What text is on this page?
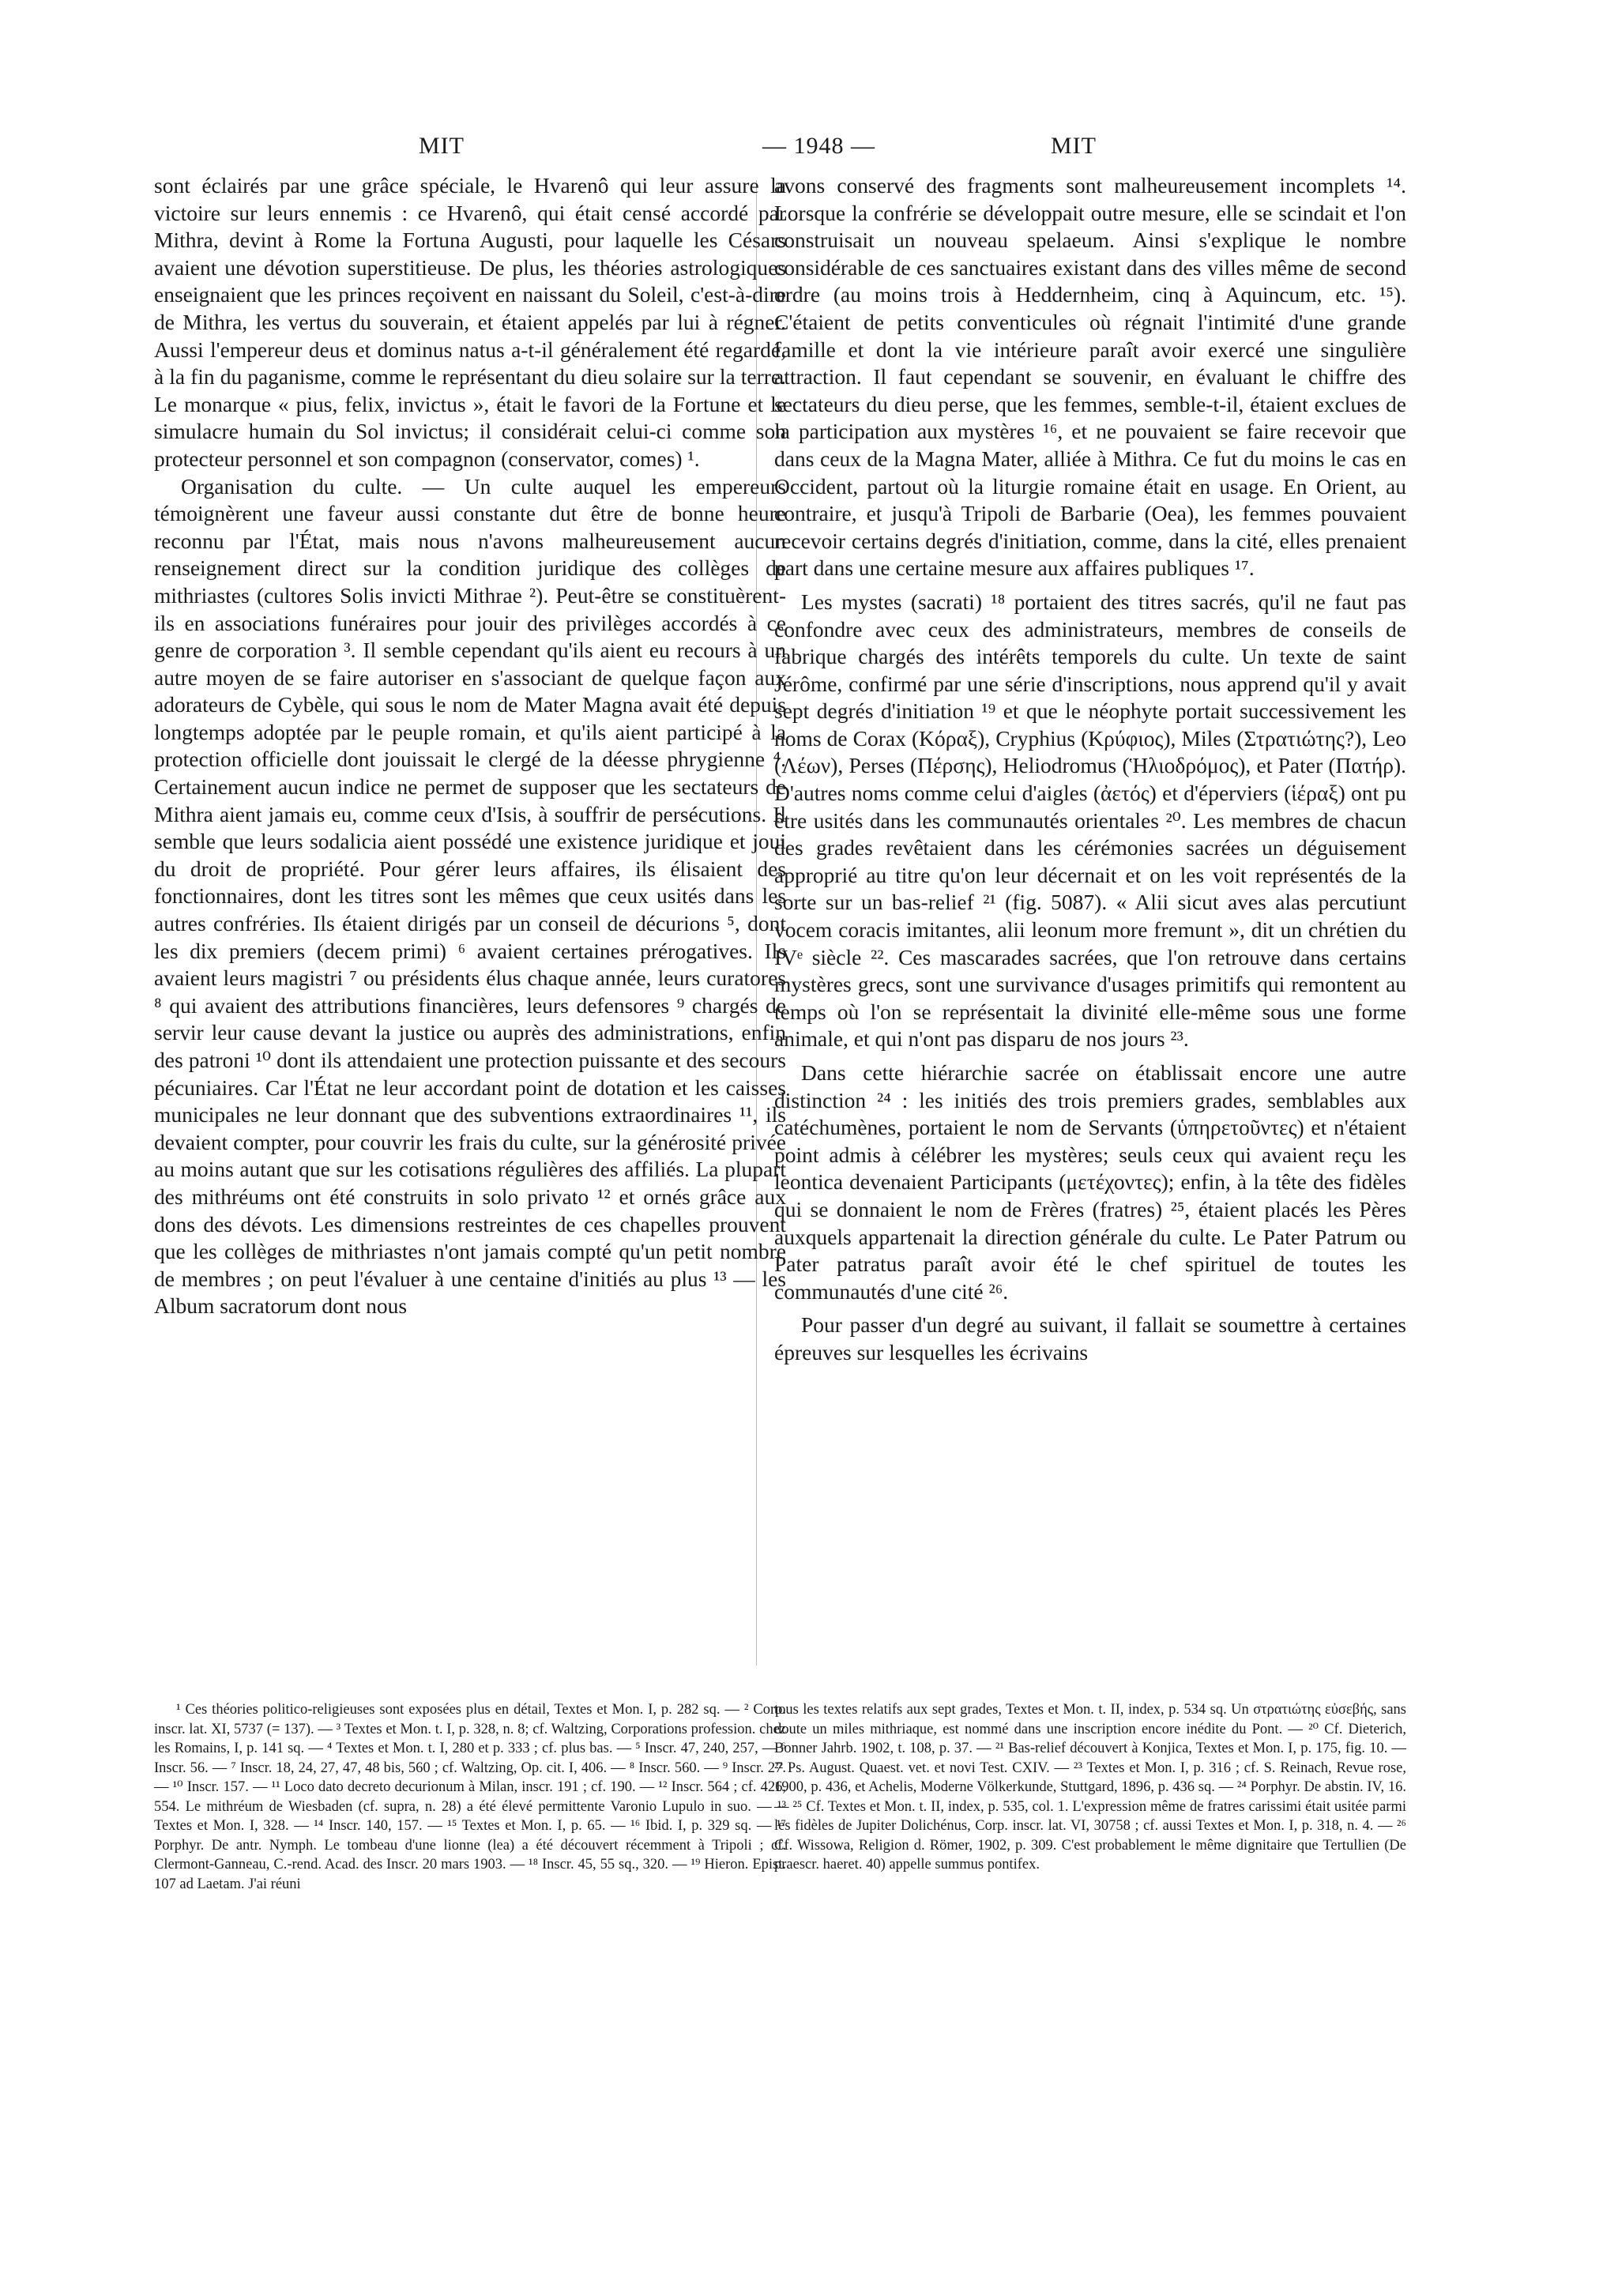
MIT	— 1948 —	MIT

sont éclairés par une grâce spéciale, le Hvarenô qui leur assure la victoire sur leurs ennemis : ce Hvarenô, qui était censé accordé par Mithra, devint à Rome la Fortuna Augusti, pour laquelle les Césars avaient une dévotion superstitieuse. De plus, les théories astrologiques enseignaient que les princes reçoivent en naissant du Soleil, c'est-à-dire de Mithra, les vertus du souverain, et étaient appelés par lui à régner. Aussi l'empereur deus et dominus natus a-t-il généralement été regardé, à la fin du paganisme, comme le représentant du dieu solaire sur la terre. Le monarque « pius, felix, invictus », était le favori de la Fortune et le simulacre humain du Sol invictus; il considérait celui-ci comme son protecteur personnel et son compagnon (conservator, comes) ¹.

Organisation du culte. — Un culte auquel les empereurs témoignèrent une faveur aussi constante dut être de bonne heure reconnu par l'État, mais nous n'avons malheureusement aucun renseignement direct sur la condition juridique des collèges de mithriastes (cultores Solis invicti Mithrae ²). Peut-être se constituèrent-ils en associations funéraires pour jouir des privilèges accordés à ce genre de corporation ³. Il semble cependant qu'ils aient eu recours à un autre moyen de se faire autoriser en s'associant de quelque façon aux adorateurs de Cybèle, qui sous le nom de Mater Magna avait été depuis longtemps adoptée par le peuple romain, et qu'ils aient participé à la protection officielle dont jouissait le clergé de la déesse phrygienne ⁴. Certainement aucun indice ne permet de supposer que les sectateurs de Mithra aient jamais eu, comme ceux d'Isis, à souffrir de persécutions. Il semble que leurs sodalicia aient possédé une existence juridique et joui du droit de propriété. Pour gérer leurs affaires, ils élisaient des fonctionnaires, dont les titres sont les mêmes que ceux usités dans les autres confréries. Ils étaient dirigés par un conseil de décurions ⁵, dont les dix premiers (decem primi) ⁶ avaient certaines prérogatives. Ils avaient leurs magistri ⁷ ou présidents élus chaque année, leurs curatores ⁸ qui avaient des attributions financières, leurs defensores ⁹ chargés de servir leur cause devant la justice ou auprès des administrations, enfin des patroni ¹⁰ dont ils attendaient une protection puissante et des secours pécuniaires. Car l'État ne leur accordant point de dotation et les caisses municipales ne leur donnant que des subventions extraordinaires ¹¹, ils devaient compter, pour couvrir les frais du culte, sur la générosité privée au moins autant que sur les cotisations régulières des affiliés. La plupart des mithréums ont été construits in solo privato ¹² et ornés grâce aux dons des dévots. Les dimensions restreintes de ces chapelles prouvent que les collèges de mithriastes n'ont jamais compté qu'un petit nombre de membres ; on peut l'évaluer à une centaine d'initiés au plus ¹³ — les Album sacratorum dont nous

avons conservé des fragments sont malheureusement incomplets ¹⁴. Lorsque la confrérie se développait outre mesure, elle se scindait et l'on construisait un nouveau spelaeum. Ainsi s'explique le nombre considérable de ces sanctuaires existant dans des villes même de second ordre (au moins trois à Heddernheim, cinq à Aquincum, etc. ¹⁵). C'étaient de petits conventicules où régnait l'intimité d'une grande famille et dont la vie intérieure paraît avoir exercé une singulière attraction. Il faut cependant se souvenir, en évaluant le chiffre des sectateurs du dieu perse, que les femmes, semble-t-il, étaient exclues de la participation aux mystères ¹⁶, et ne pouvaient se faire recevoir que dans ceux de la Magna Mater, alliée à Mithra. Ce fut du moins le cas en Occident, partout où la liturgie romaine était en usage. En Orient, au contraire, et jusqu'à Tripoli de Barbarie (Oea), les femmes pouvaient recevoir certains degrés d'initiation, comme, dans la cité, elles prenaient part dans une certaine mesure aux affaires publiques ¹⁷.

Les mystes (sacrati) ¹⁸ portaient des titres sacrés, qu'il ne faut pas confondre avec ceux des administrateurs, membres de conseils de fabrique chargés des intérêts temporels du culte. Un texte de saint Jérôme, confirmé par une série d'inscriptions, nous apprend qu'il y avait sept degrés d'initiation ¹⁹ et que le néophyte portait successivement les noms de Corax (Κόραξ), Cryphius (Κρύφιος), Miles (Στρατιώτης?), Leo (Λέων), Perses (Πέρσης), Heliodromus (Ἡλιοδρόμος), et Pater (Πατήρ). D'autres noms comme celui d'aigles (ἀετός) et d'éperviers (ἱέραξ) ont pu être usités dans les communautés orientales ²⁰. Les membres de chacun des grades revêtaient dans les cérémonies sacrées un déguisement approprié au titre qu'on leur décernait et on les voit représentés de la sorte sur un bas-relief ²¹ (fig. 5087). « Alii sicut aves alas percutiunt vocem coracis imitantes, alii leonum more fremunt », dit un chrétien du IVᵉ siècle ²². Ces mascarades sacrées, que l'on retrouve dans certains mystères grecs, sont une survivance d'usages primitifs qui remontent au temps où l'on se représentait la divinité elle-même sous une forme animale, et qui n'ont pas disparu de nos jours ²³.

Dans cette hiérarchie sacrée on établissait encore une autre distinction ²⁴ : les initiés des trois premiers grades, semblables aux catéchumènes, portaient le nom de Servants (ὑπηρετοῦντες) et n'étaient point admis à célébrer les mystères; seuls ceux qui avaient reçu les leontica devenaient Participants (μετέχοντες); enfin, à la tête des fidèles qui se donnaient le nom de Frères (fratres) ²⁵, étaient placés les Pères auxquels appartenait la direction générale du culte. Le Pater Patrum ou Pater patratus paraît avoir été le chef spirituel de toutes les communautés d'une cité ²⁶.

Pour passer d'un degré au suivant, il fallait se soumettre à certaines épreuves sur lesquelles les écrivains

¹ Ces théories politico-religieuses sont exposées plus en détail, Textes et Mon. I, p. 282 sq. — ² Corp. inscr. lat. XI, 5737 (= 137). — ³ Textes et Mon. t. I, p. 328, n. 8; cf. Waltzing, Corporations profession. chez les Romains, I, p. 141 sq. — ⁴ Textes et Mon. t. I, 280 et p. 333 ; cf. plus bas. — ⁵ Inscr. 47, 240, 257, — ⁶ Inscr. 56. — ⁷ Inscr. 18, 24, 27, 47, 48 bis, 560 ; cf. Waltzing, Op. cit. I, 406. — ⁸ Inscr. 560. — ⁹ Inscr. 27. — ¹⁰ Inscr. 157. — ¹¹ Loco dato decreto decurionum à Milan, inscr. 191 ; cf. 190. — ¹² Inscr. 564 ; cf. 426, 554. Le mithréum de Wiesbaden (cf. supra, n. 28) a été élevé permittente Varonio Lupulo in suo. — ¹³ Textes et Mon. I, 328. — ¹⁴ Inscr. 140, 157. — ¹⁵ Textes et Mon. I, p. 65. — ¹⁶ Ibid. I, p. 329 sq. — ¹⁷ Porphyr. De antr. Nymph. Le tombeau d'une lionne (lea) a été découvert récemment à Tripoli ; cf. Clermont-Ganneau, C.-rend. Acad. des Inscr. 20 mars 1903. — ¹⁸ Inscr. 45, 55 sq., 320. — ¹⁹ Hieron. Epist. 107 ad Laetam. J'ai réuni

tous les textes relatifs aux sept grades, Textes et Mon. t. II, index, p. 534 sq. Un στρατιώτης εὐσεβής, sans doute un miles mithriaque, est nommé dans une inscription encore inédite du Pont. — ²⁰ Cf. Dieterich, Bonner Jahrb. 1902, t. 108, p. 37. — ²¹ Bas-relief découvert à Konjica, Textes et Mon. I, p. 175, fig. 10. — ²² Ps. August. Quaest. vet. et novi Test. CXIV. — ²³ Textes et Mon. I, p. 316 ; cf. S. Reinach, Revue rose, 1900, p. 436, et Achelis, Moderne Völkerkunde, Stuttgard, 1896, p. 436 sq. — ²⁴ Porphyr. De abstin. IV, 16. — ²⁵ Cf. Textes et Mon. t. II, index, p. 535, col. 1. L'expression même de fratres carissimi était usitée parmi les fidèles de Jupiter Dolichénus, Corp. inscr. lat. VI, 30758 ; cf. aussi Textes et Mon. I, p. 318, n. 4. — ²⁶ Cf. Wissowa, Religion d. Römer, 1902, p. 309. C'est probablement le même dignitaire que Tertullien (De praescr. haeret. 40) appelle summus pontifex.
